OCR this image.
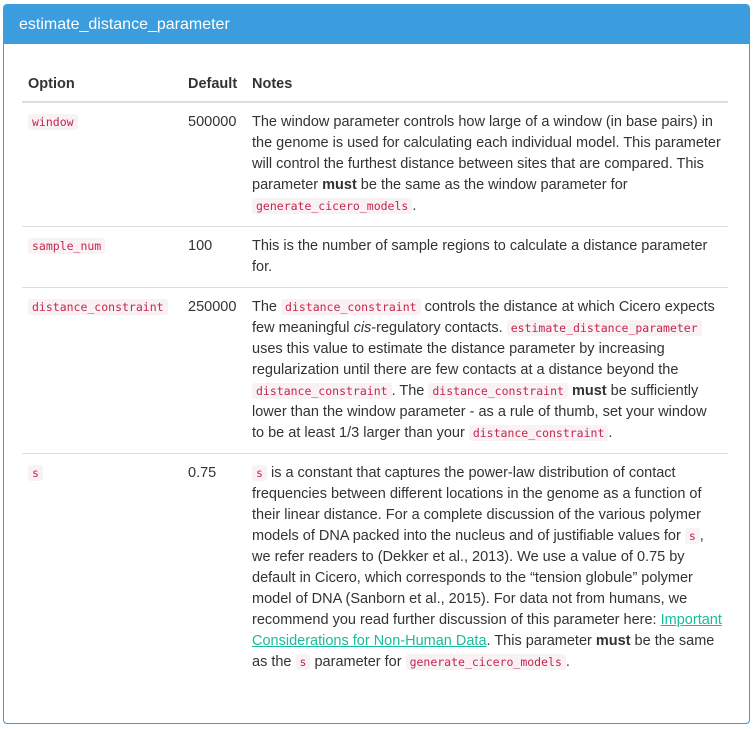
estimate_distance_parameter
Option	Default	Notes
window	500000	The window parameter controls how large of a window (in base pairs) in the genome is used for calculating each individual model. This parameter will control the furthest distance between sites that are compared. This parameter must be the same as the window parameter for generate_cicero_models .
sample_num	100	This is the number of sample regions to calculate a distance parameter for.
distance_constraint	250000	The distance_constraint controls the distance at which Cicero expects few meaningful cis-regulatory contacts. estimate_distance_parameter uses this value to estimate the distance parameter by increasing regularization until there are few contacts at a distance beyond the distance_constraint . The distance_constraint must be sufficiently lower than the window parameter - as a rule of thumb, set your window to be at least 1/3 larger than your distance_constraint .
s	0.75	s is a constant that captures the power-law distribution of contact frequencies between different locations in the genome as a function of their linear distance. For a complete discussion of the various polymer models of DNA packed into the nucleus and of justifiable values for s , we refer readers to (Dekker et al., 2013). We use a value of 0.75 by default in Cicero, which corresponds to the “tension globule” polymer model of DNA (Sanborn et al., 2015). For data not from humans, we recommend you read further discussion of this parameter here: Important Considerations for Non-Human Data. This parameter must be the same as the s parameter for generate_cicero_models .
